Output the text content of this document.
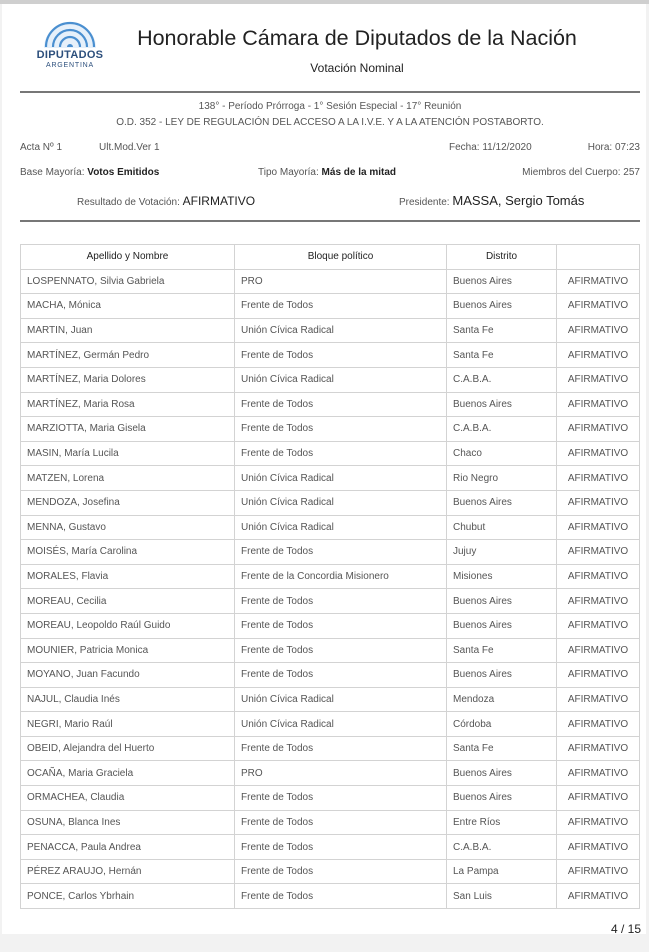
DIPUTADOS
ARGENTINA
Honorable Cámara de Diputados de la Nación
Votación Nominal
138° - Período Prórroga - 1° Sesión Especial - 17° Reunión
O.D. 352 - LEY DE REGULACIÓN DEL ACCESO A LA I.V.E. Y A LA ATENCIÓN POSTABORTO.
Acta Nº 1	Ult.Mod.Ver 1	Fecha: 11/12/2020	Hora: 07:23
Base Mayoría: Votos Emitidos	Tipo Mayoría: Más de la mitad	Miembros del Cuerpo: 257
Resultado de Votación: AFIRMATIVO	Presidente: MASSA, Sergio Tomás
Apellido y Nombre	Bloque político	Distrito	
LOSPENNATO, Silvia Gabriela	PRO	Buenos Aires	AFIRMATIVO
MACHA, Mónica	Frente de Todos	Buenos Aires	AFIRMATIVO
MARTIN, Juan	Unión Cívica Radical	Santa Fe	AFIRMATIVO
MARTÍNEZ, Germán Pedro	Frente de Todos	Santa Fe	AFIRMATIVO
MARTÍNEZ, Maria Dolores	Unión Cívica Radical	C.A.B.A.	AFIRMATIVO
MARTÍNEZ, Maria Rosa	Frente de Todos	Buenos Aires	AFIRMATIVO
MARZIOTTA, Maria Gisela	Frente de Todos	C.A.B.A.	AFIRMATIVO
MASIN, María Lucila	Frente de Todos	Chaco	AFIRMATIVO
MATZEN, Lorena	Unión Cívica Radical	Rio Negro	AFIRMATIVO
MENDOZA, Josefina	Unión Cívica Radical	Buenos Aires	AFIRMATIVO
MENNA, Gustavo	Unión Cívica Radical	Chubut	AFIRMATIVO
MOISÉS, María Carolina	Frente de Todos	Jujuy	AFIRMATIVO
MORALES, Flavia	Frente de la Concordia Misionero	Misiones	AFIRMATIVO
MOREAU, Cecilia	Frente de Todos	Buenos Aires	AFIRMATIVO
MOREAU, Leopoldo Raúl Guido	Frente de Todos	Buenos Aires	AFIRMATIVO
MOUNIER, Patricia Monica	Frente de Todos	Santa Fe	AFIRMATIVO
MOYANO, Juan Facundo	Frente de Todos	Buenos Aires	AFIRMATIVO
NAJUL, Claudia Inés	Unión Cívica Radical	Mendoza	AFIRMATIVO
NEGRI, Mario Raúl	Unión Cívica Radical	Córdoba	AFIRMATIVO
OBEID, Alejandra del Huerto	Frente de Todos	Santa Fe	AFIRMATIVO
OCAÑA, Maria Graciela	PRO	Buenos Aires	AFIRMATIVO
ORMACHEA, Claudia	Frente de Todos	Buenos Aires	AFIRMATIVO
OSUNA, Blanca Ines	Frente de Todos	Entre Ríos	AFIRMATIVO
PENACCA, Paula Andrea	Frente de Todos	C.A.B.A.	AFIRMATIVO
PÉREZ ARAUJO, Hernán	Frente de Todos	La Pampa	AFIRMATIVO
PONCE, Carlos Ybrhain	Frente de Todos	San Luis	AFIRMATIVO
4 / 15
